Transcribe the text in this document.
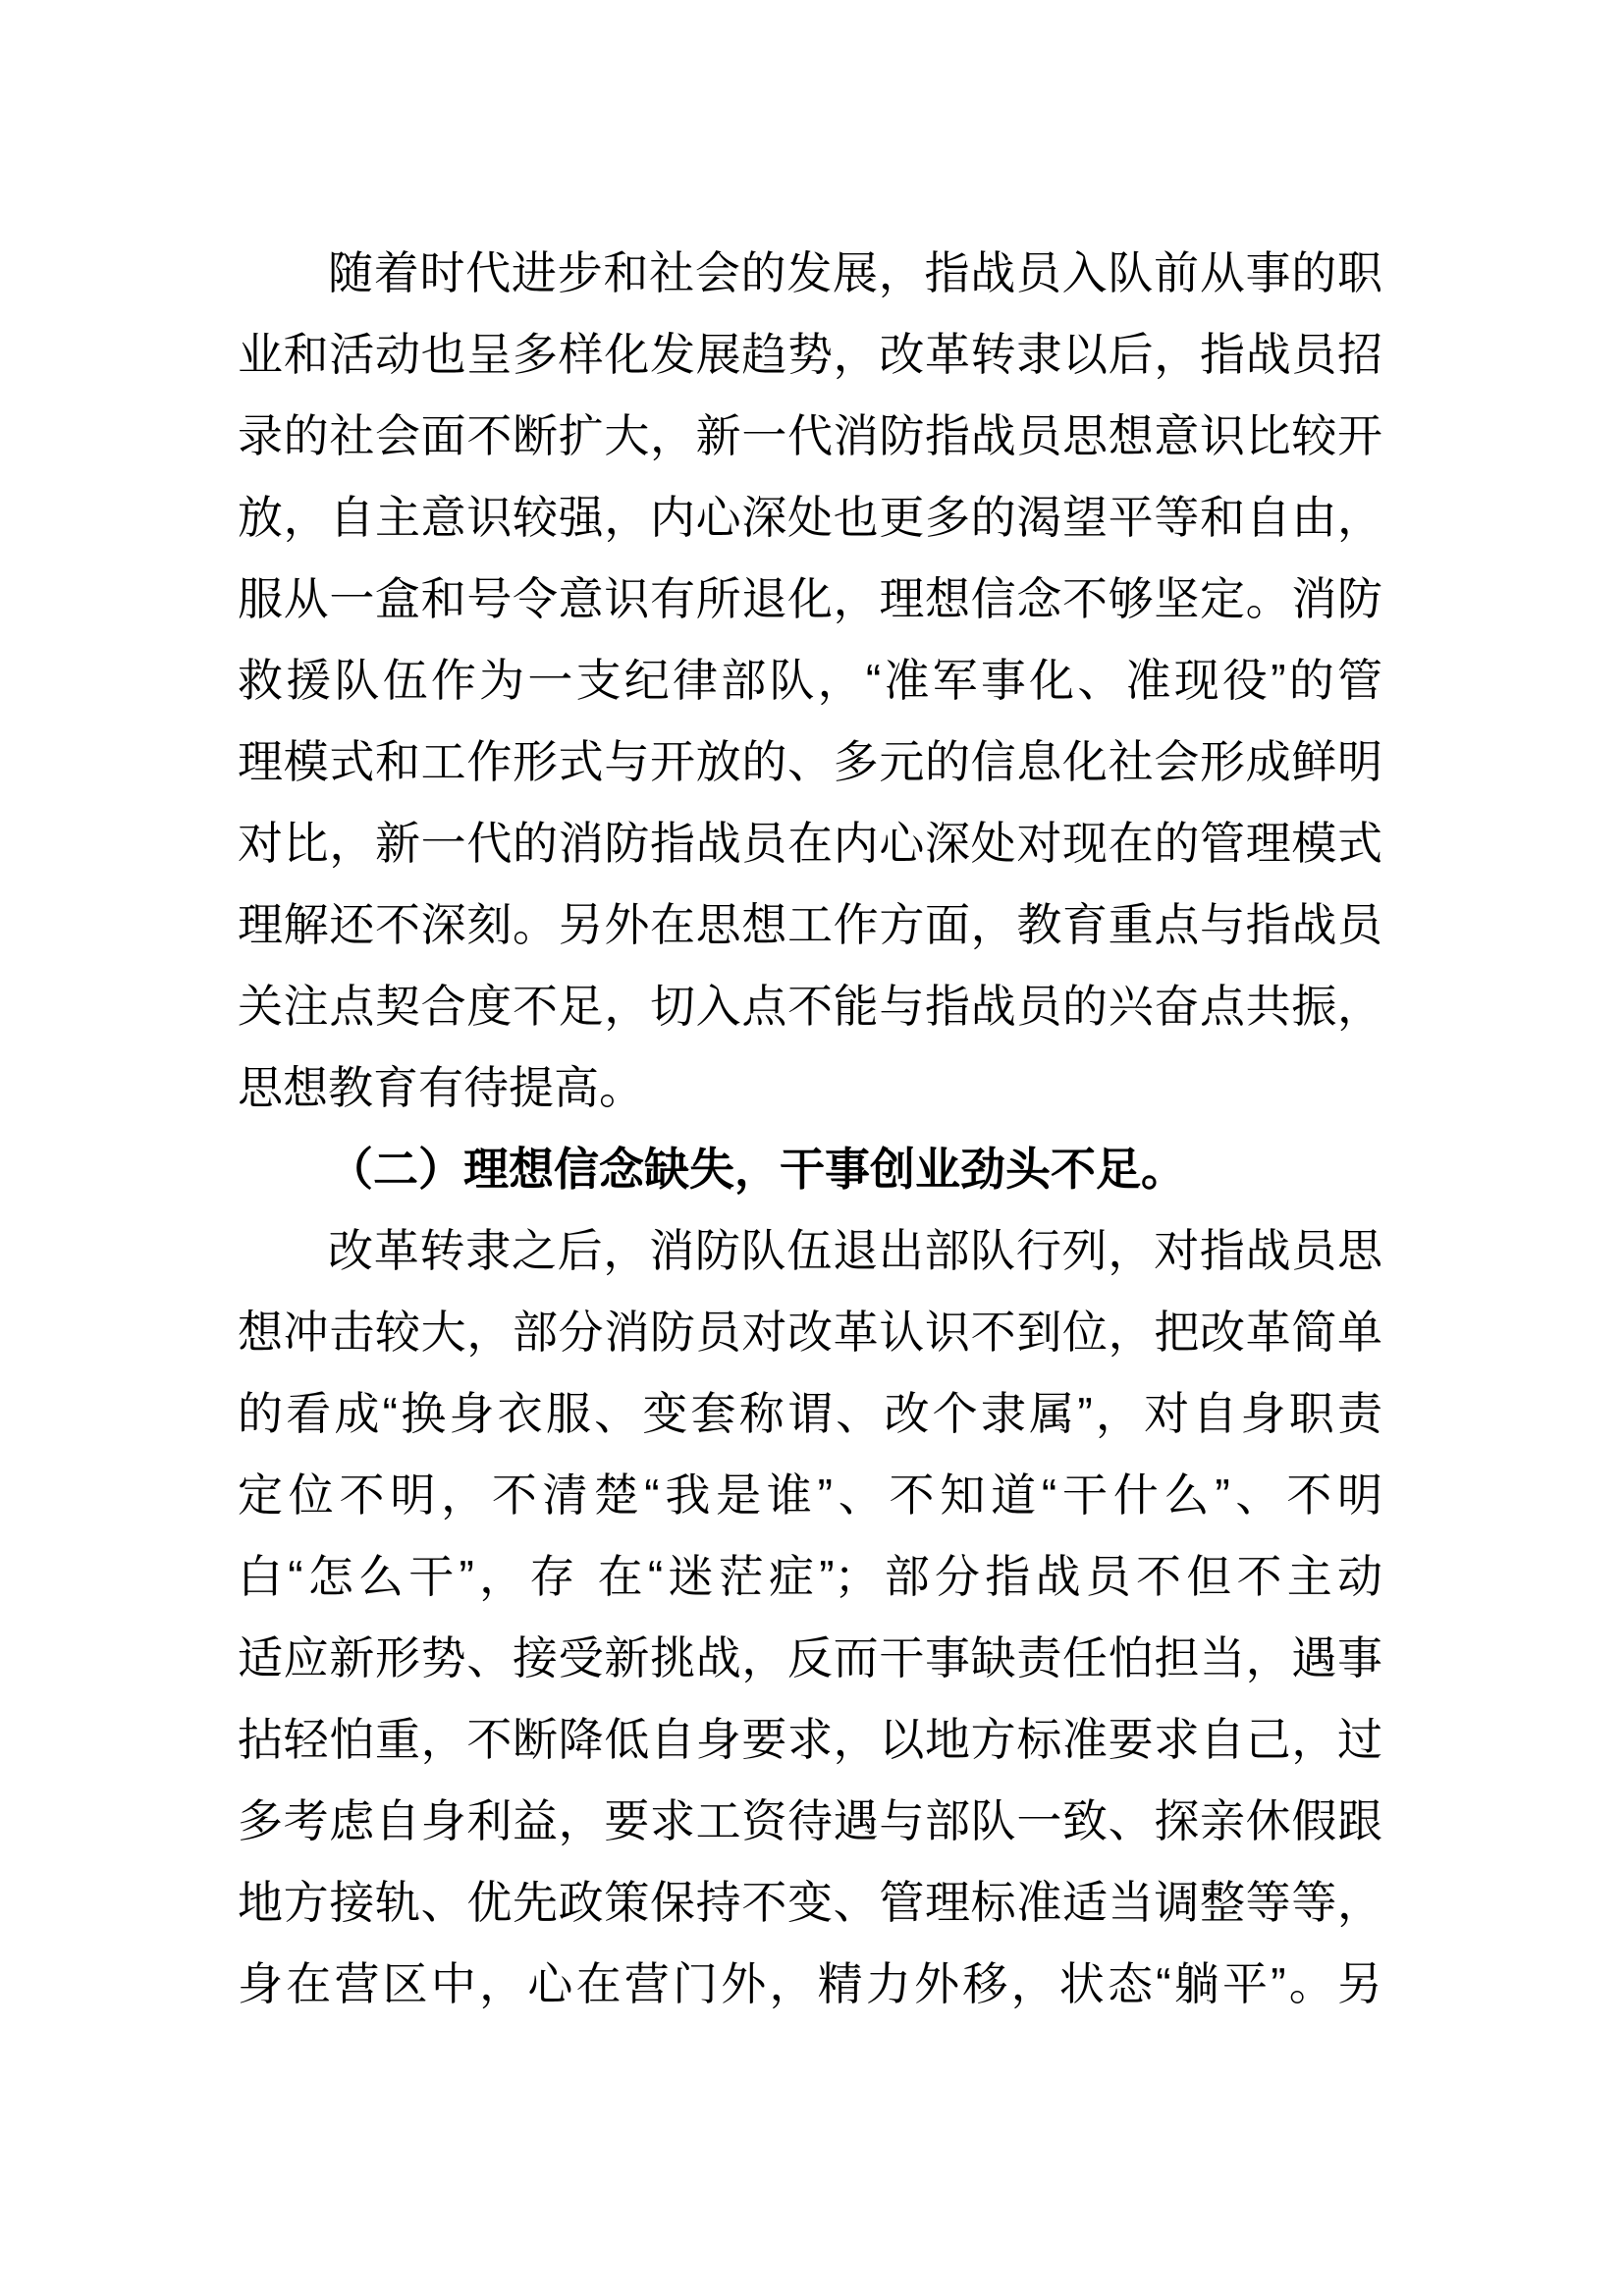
随着时代进步和社会的发展，指战员入队前从事的职
业和活动也呈多样化发展趋势，改革转隶以后，指战员招
录的社会面不断扩大，新一代消防指战员思想意识比较开
放，自主意识较强，内心深处也更多的渴望平等和自由，
服从一盒和号令意识有所退化，理想信念不够坚定。消防
救援队伍作为一支纪律部队，“准军事化、准现役”的管
理模式和工作形式与开放的、多元的信息化社会形成鲜明
对比，新一代的消防指战员在内心深处对现在的管理模式
理解还不深刻。另外在思想工作方面，教育重点与指战员
关注点契合度不足，切入点不能与指战员的兴奋点共振，
思想教育有待提高。
（二）理想信念缺失，干事创业劲头不足。
改革转隶之后，消防队伍退出部队行列，对指战员思
想冲击较大，部分消防员对改革认识不到位，把改革简单
的看成“换身衣服、变套称谓、改个隶属”，对自身职责
定位不明，不清楚“我是谁”、不知道“干什么”、不明
白“怎么干”，存 在“迷茫症”；部分指战员不但不主动
适应新形势、接受新挑战，反而干事缺责任怕担当，遇事
拈轻怕重，不断降低自身要求，以地方标准要求自己，过
多考虑自身利益，要求工资待遇与部队一致、探亲休假跟
地方接轨、优先政策保持不变、管理标准适当调整等等，
身在营区中，心在营门外，精力外移，状态“躺平”。另
